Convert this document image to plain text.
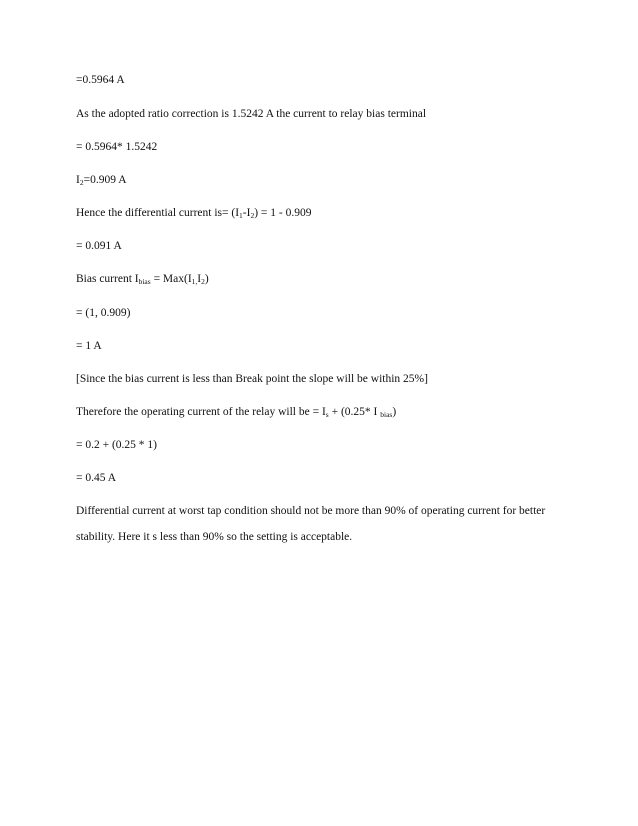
=0.5964 A
As the adopted ratio correction is 1.5242 A the current to relay bias terminal
= 0.5964* 1.5242
$I_2=0.909$ A
Hence the differential current $is= (I_1-I_2) = 1 - 0.909$
= 0.091 A
Bias current $I_{bias} = Max(I_{1,}I_2)$
= (1, 0.909)
= 1 A
[Since the bias current is less than Break point the slope will be within 25%]
Therefore the operating current of the relay will be = $I_s + (0.25*$ I $_{bias}$)
= 0.2 + (0.25 * 1)
= 0.45 A
Differential current at worst tap condition should not be more than 90% of operating current for better stability. Here it s less than 90% so the setting is acceptable.
